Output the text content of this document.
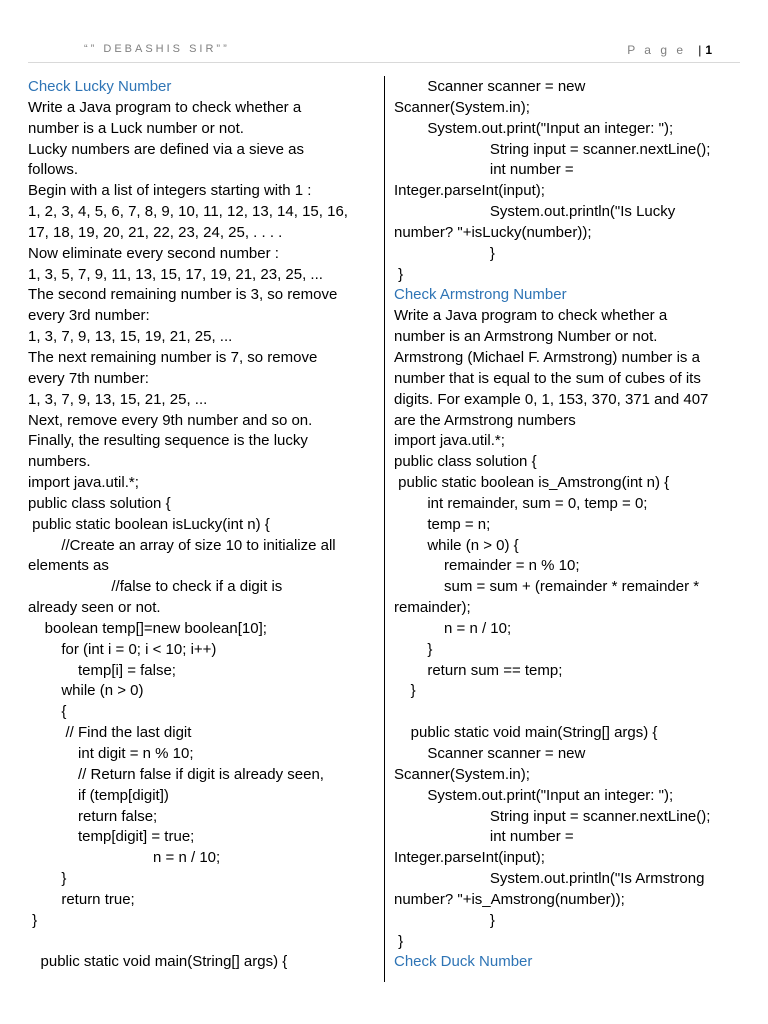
“” DEBASHIS SIR””	P a g e | 1
Check Lucky Number
Write a Java program to check whether a
number is a Luck number or not.
Lucky numbers are defined via a sieve as
follows.
Begin with a list of integers starting with 1 :
1, 2, 3, 4, 5, 6, 7, 8, 9, 10, 11, 12, 13, 14, 15, 16,
17, 18, 19, 20, 21, 22, 23, 24, 25, . . . .
Now eliminate every second number :
1, 3, 5, 7, 9, 11, 13, 15, 17, 19, 21, 23, 25, ...
The second remaining number is 3, so remove
every 3rd number:
1, 3, 7, 9, 13, 15, 19, 21, 25, ...
The next remaining number is 7, so remove
every 7th number:
1, 3, 7, 9, 13, 15, 21, 25, ...
Next, remove every 9th number and so on.
Finally, the resulting sequence is the lucky
numbers.
import java.util.*;
public class solution {
public static boolean isLucky(int n) {
//Create an array of size 10 to initialize all
elements as
//false to check if a digit is
already seen or not.
boolean temp[]=new boolean[10];
for (int i = 0; i < 10; i++)
temp[i] = false;
while (n > 0)
{
// Find the last digit
int digit = n % 10;
// Return false if digit is already seen,
if (temp[digit])
return false;
temp[digit] = true;
n = n / 10;
}
return true;
}

public static void main(String[] args) {
Scanner scanner = new
Scanner(System.in);
System.out.print("Input an integer: ");
String input = scanner.nextLine();
int number =
Integer.parseInt(input);
System.out.println("Is Lucky
number? "+isLucky(number));
}
}
Check Armstrong Number
Write a Java program to check whether a
number is an Armstrong Number or not.
Armstrong (Michael F. Armstrong) number is a
number that is equal to the sum of cubes of its
digits. For example 0, 1, 153, 370, 371 and 407
are the Armstrong numbers
import java.util.*;
public class solution {
public static boolean is_Amstrong(int n) {
int remainder, sum = 0, temp = 0;
temp = n;
while (n > 0) {
remainder = n % 10;
sum = sum + (remainder * remainder *
remainder);
n = n / 10;
}
return sum == temp;
}

public static void main(String[] args) {
Scanner scanner = new
Scanner(System.in);
System.out.print("Input an integer: ");
String input = scanner.nextLine();
int number =
Integer.parseInt(input);
System.out.println("Is Armstrong
number? "+is_Amstrong(number));
}
}
Check Duck Number
